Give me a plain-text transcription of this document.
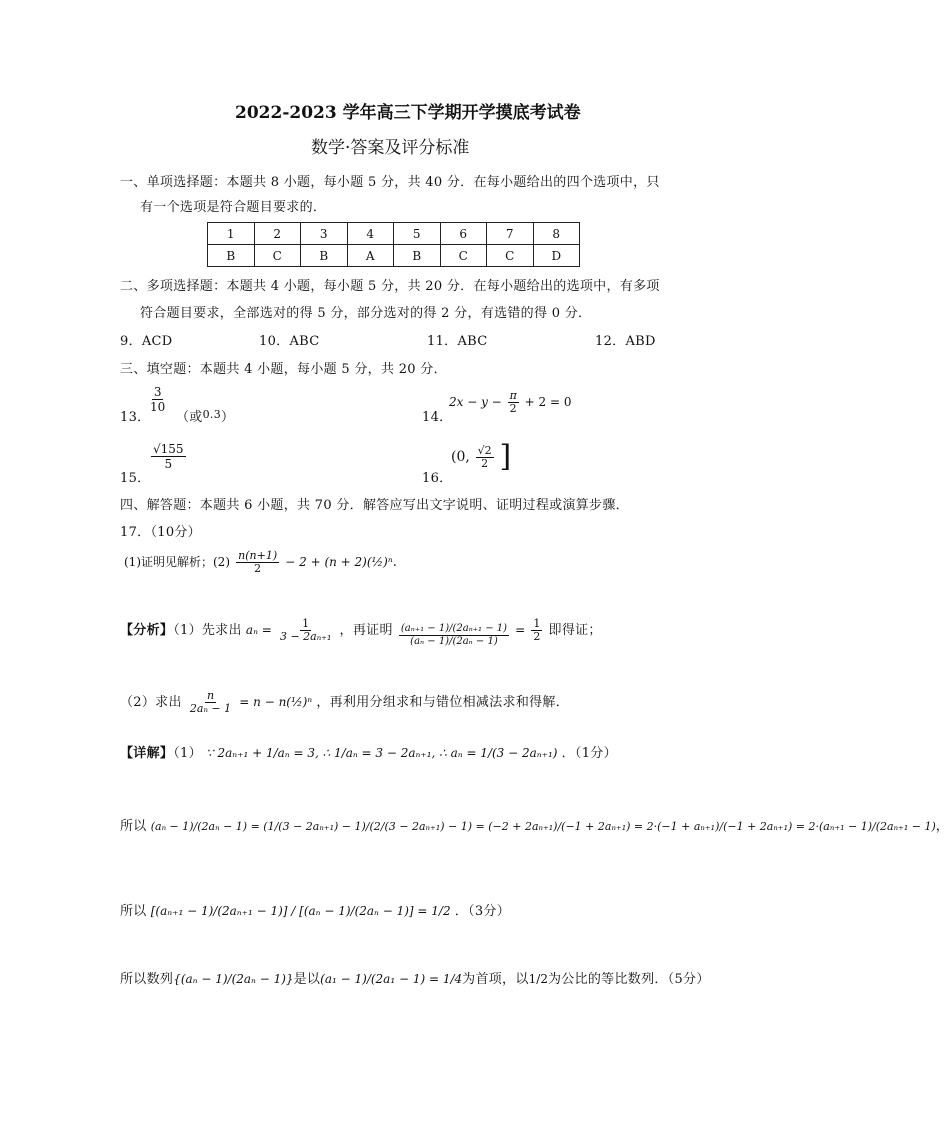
2022-2023 学年高三下学期开学摸底考试卷
数学·答案及评分标准
一、单项选择题：本题共 8 小题，每小题 5 分，共 40 分．在每小题给出的四个选项中，只
有一个选项是符合题目要求的．
1	2	3	4	5	6	7	8
B	C	B	A	B	C	C	D
二、多项选择题：本题共 4 小题，每小题 5 分，共 20 分．在每小题给出的选项中，有多项
符合题目要求，全部选对的得 5 分，部分选对的得 2 分，有选错的得 0 分．
9．ACD	10．ABC	11．ABC	12．ABD
三、填空题：本题共 4 小题，每小题 5 分，共 20 分．
13．
$\frac{3}{10}$
（或$^{0.3}$）	14．
$2x - y - \frac{\pi}{2} + 2 = 0$
15．
$\frac{√155}{5}$
16．
(0, $\frac{√2}{2}$ ]
四、解答题：本题共 6 小题，共 70 分．解答应写出文字说明、证明过程或演算步骤．
17．（10分）
(1)证明见解析；$(2) \frac{n(n+1)}{2} - 2 + (n$ + 2)(½)ⁿ.
【分析】（1）先求出 $a_n = \frac{1}{\text{3 − 2aₙ₊₁}}$ ，再证明 $\frac{\text{(aₙ₊₁ − 1)/(2aₙ₊₁ − 1)}}{\text{(aₙ − 1)/(2aₙ − 1)}} = \frac{1}{2}$ 即得证；
（2）求出 $\frac{n}{\text{2aₙ − 1}} = n$ − n(½)ⁿ ，再利用分组求和与错位相减法求和得解．
【详解】（1） ∵ 2aₙ₊₁ + 1/aₙ = 3, ∴ 1/aₙ = 3 − 2aₙ₊₁, ∴ aₙ = 1/(3 − 2aₙ₊₁) ．（1分）
所以 (aₙ − 1)/(2aₙ − 1) = (1/(3 − 2aₙ₊₁) − 1)/(2/(3 − 2aₙ₊₁) − 1) = (−2 + 2aₙ₊₁)/(−1 + 2aₙ₊₁) = 2·(−1 + aₙ₊₁)/(−1 + 2aₙ₊₁) = 2·(aₙ₊₁ − 1)/(2aₙ₊₁ − 1)，
所以 [(aₙ₊₁ − 1)/(2aₙ₊₁ − 1)] / [(aₙ − 1)/(2aₙ − 1)] = 1/2 ．（3分）
所以数列{(aₙ − 1)/(2aₙ − 1)}是以(a₁ − 1)/(2a₁ − 1) = 1/4为首项，以1/2为公比的等比数列．（5分）
